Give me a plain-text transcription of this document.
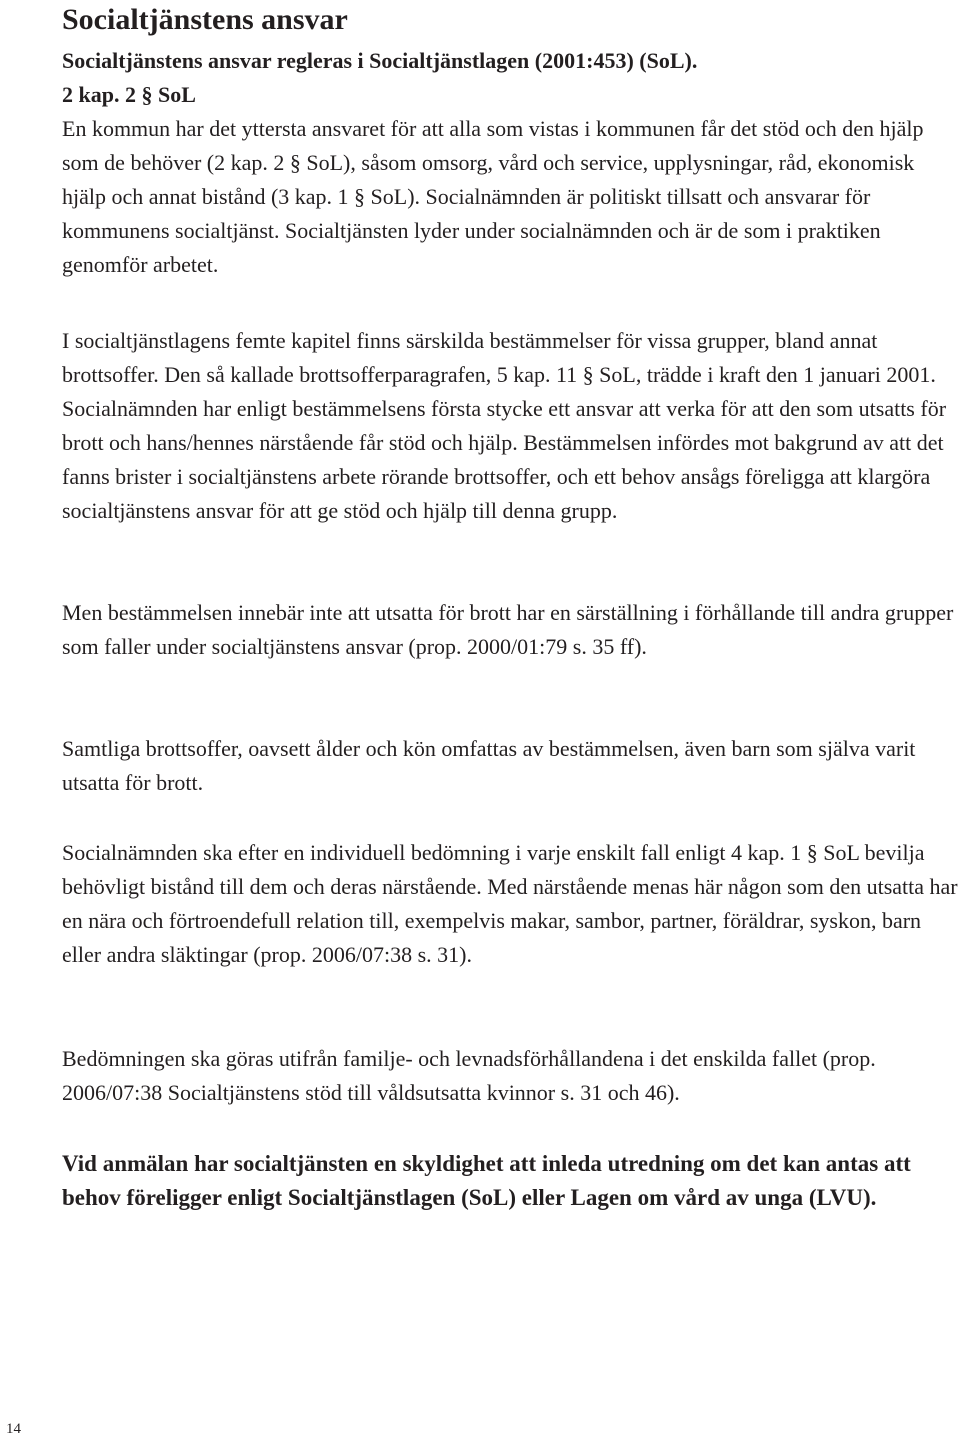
Socialtjänstens ansvar

Socialtjänstens ansvar regleras i Socialtjänstlagen (2001:453) (SoL).

2 kap. 2 § SoL

En kommun har det yttersta ansvaret för att alla som vistas i kommunen får det stöd och den hjälp som de behöver (2 kap. 2 § SoL), såsom omsorg, vård och service, upplysningar, råd, ekonomisk hjälp och annat bistånd (3 kap. 1 § SoL). Socialnämnden är politiskt tillsatt och ansvarar för kommunens socialtjänst. Socialtjänsten lyder under socialnämnden och är de som i praktiken genomför arbetet.

I socialtjänstlagens femte kapitel finns särskilda bestämmelser för vissa grupper, bland annat brottsoffer. Den så kallade brottsofferparagrafen, 5 kap. 11 § SoL, trädde i kraft den 1 januari 2001. Socialnämnden har enligt bestämmelsens första stycke ett ansvar att verka för att den som utsatts för brott och hans/hennes närstående får stöd och hjälp. Bestämmelsen infördes mot bakgrund av att det fanns brister i socialtjänstens arbete rörande brottsoffer, och ett behov ansågs föreligga att klargöra socialtjänstens ansvar för att ge stöd och hjälp till denna grupp.

Men bestämmelsen innebär inte att utsatta för brott har en särställning i förhållande till andra grupper som faller under socialtjänstens ansvar (prop. 2000/01:79 s. 35 ff).

Samtliga brottsoffer, oavsett ålder och kön omfattas av bestämmelsen, även barn som själva varit utsatta för brott.

Socialnämnden ska efter en individuell bedömning i varje enskilt fall enligt 4 kap. 1 § SoL bevilja behövligt bistånd till dem och deras närstående. Med närstående menas här någon som den utsatta har en nära och förtroendefull relation till, exempelvis makar, sambor, partner, föräldrar, syskon, barn eller andra släktingar (prop. 2006/07:38 s. 31).

Bedömningen ska göras utifrån familje- och levnadsförhållandena i det enskilda fallet (prop. 2006/07:38 Socialtjänstens stöd till våldsutsatta kvinnor s. 31 och 46).

Vid anmälan har socialtjänsten en skyldighet att inleda utredning om det kan antas att behov föreligger enligt Socialtjänstlagen (SoL) eller Lagen om vård av unga (LVU).

14
